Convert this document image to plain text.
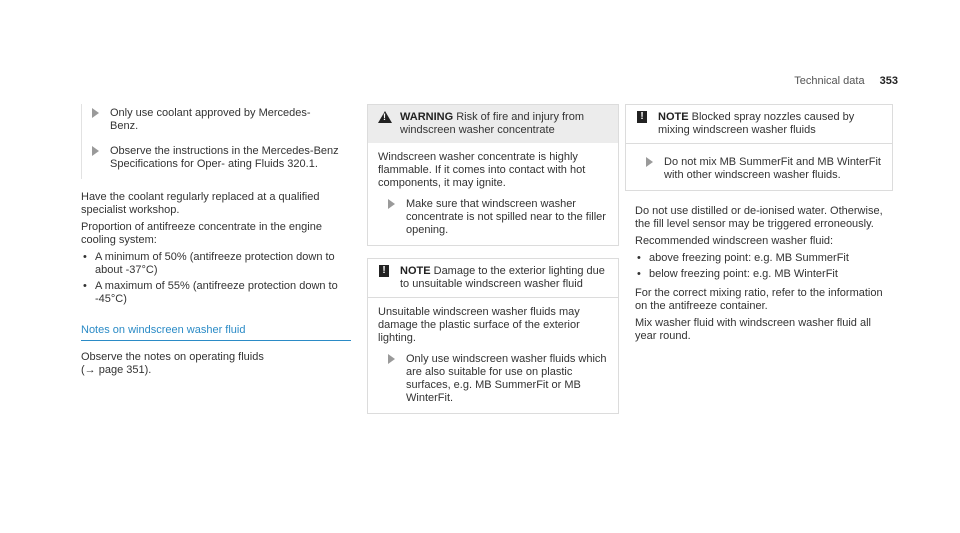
Technical data 353
Only use coolant approved by Mercedes-
Benz.
Observe the instructions in the Mercedes-Benz Specifications for Oper- ating Fluids 320.1.

Have the coolant regularly replaced at a qualified specialist workshop.

Proportion of antifreeze concentrate in the engine cooling system:

• A minimum of 50% (antifreeze protection down to about -37°C)
• A maximum of 55% (antifreeze protection down to -45°C)
Notes on windscreen washer fluid
Observe the notes on operating fluids
(→ page 351).
!
WARNING Risk of fire and injury from windscreen washer concentrate
Windscreen washer concentrate is highly flammable. If it comes into contact with hot components, it may ignite.
Make sure that windscreen washer concentrate is not spilled near to the filler opening.
!	NOTE Damage to the exterior lighting due to unsuitable windscreen washer fluid
Unsuitable windscreen washer fluids may damage the plastic surface of the exterior lighting.
Only use windscreen washer fluids which are also suitable for use on plastic surfaces, e.g. MB SummerFit or MB WinterFit.
!	NOTE Blocked spray nozzles caused by mixing windscreen washer fluids
Do not mix MB SummerFit and MB WinterFit with other windscreen washer fluids.

Do not use distilled or de-ionised water. Otherwise, the fill level sensor may be triggered erroneously.

Recommended windscreen washer fluid:

• above freezing point: e.g. MB SummerFit
• below freezing point: e.g. MB WinterFit

For the correct mixing ratio, refer to the information on the antifreeze container.

Mix washer fluid with windscreen washer fluid all year round.
